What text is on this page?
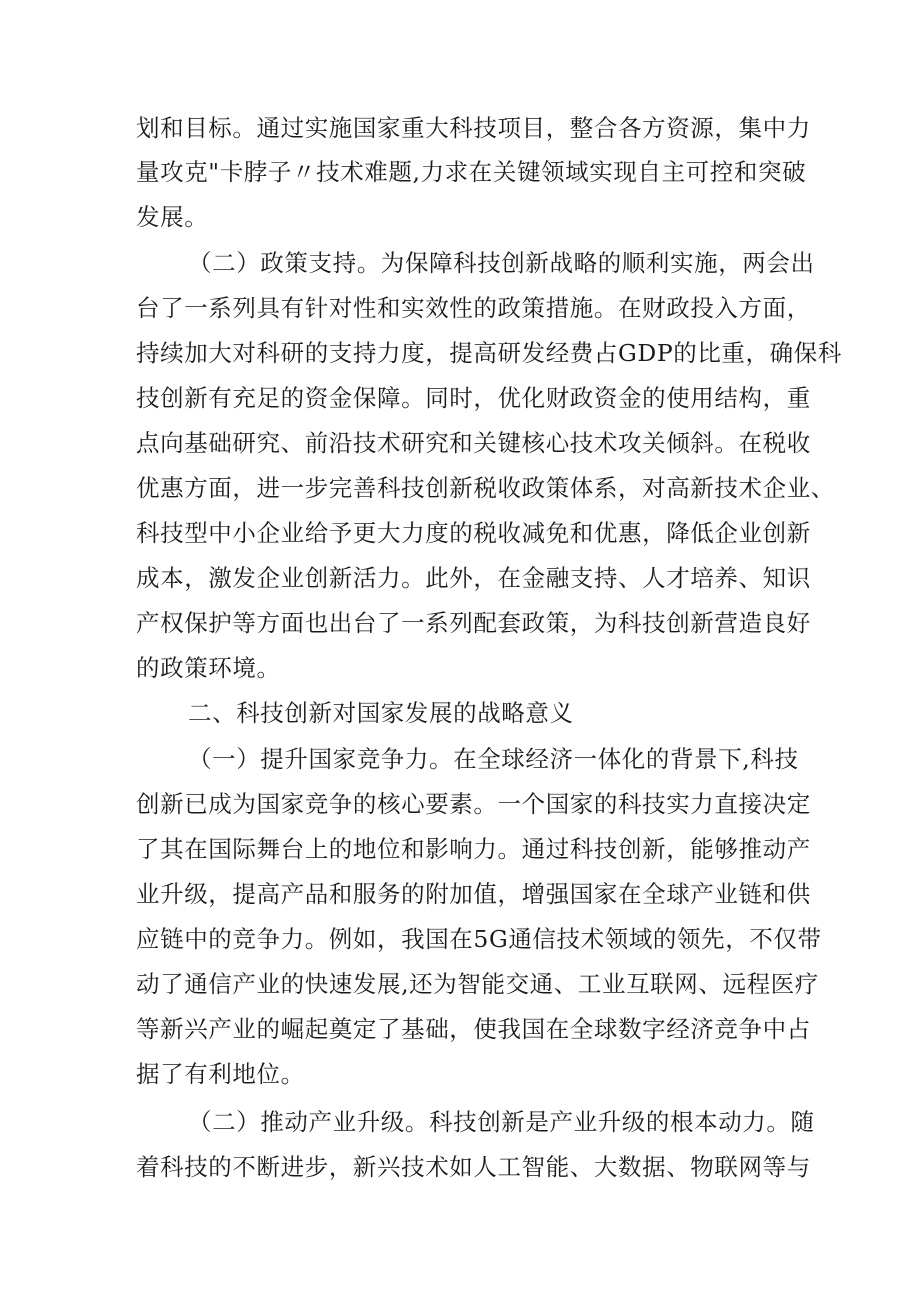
划和目标。通过实施国家重大科技项目，整合各方资源，集中力
量攻克"卡脖子〃技术难题,力求在关键领域实现自主可控和突破
发展。
（二）政策支持。为保障科技创新战略的顺利实施，两会出
台了一系列具有针对性和实效性的政策措施。在财政投入方面，
持续加大对科研的支持力度，提高研发经费占GDP的比重，确保科
技创新有充足的资金保障。同时，优化财政资金的使用结构，重
点向基础研究、前沿技术研究和关键核心技术攻关倾斜。在税收
优惠方面，进一步完善科技创新税收政策体系，对高新技术企业、
科技型中小企业给予更大力度的税收减免和优惠，降低企业创新
成本，激发企业创新活力。此外，在金融支持、人才培养、知识
产权保护等方面也出台了一系列配套政策，为科技创新营造良好
的政策环境。
二、科技创新对国家发展的战略意义
（一）提升国家竞争力。在全球经济一体化的背景下,科技
创新已成为国家竞争的核心要素。一个国家的科技实力直接决定
了其在国际舞台上的地位和影响力。通过科技创新，能够推动产
业升级，提高产品和服务的附加值，增强国家在全球产业链和供
应链中的竞争力。例如，我国在5G通信技术领域的领先，不仅带
动了通信产业的快速发展,还为智能交通、工业互联网、远程医疗
等新兴产业的崛起奠定了基础，使我国在全球数字经济竞争中占
据了有利地位。
（二）推动产业升级。科技创新是产业升级的根本动力。随
着科技的不断进步，新兴技术如人工智能、大数据、物联网等与
